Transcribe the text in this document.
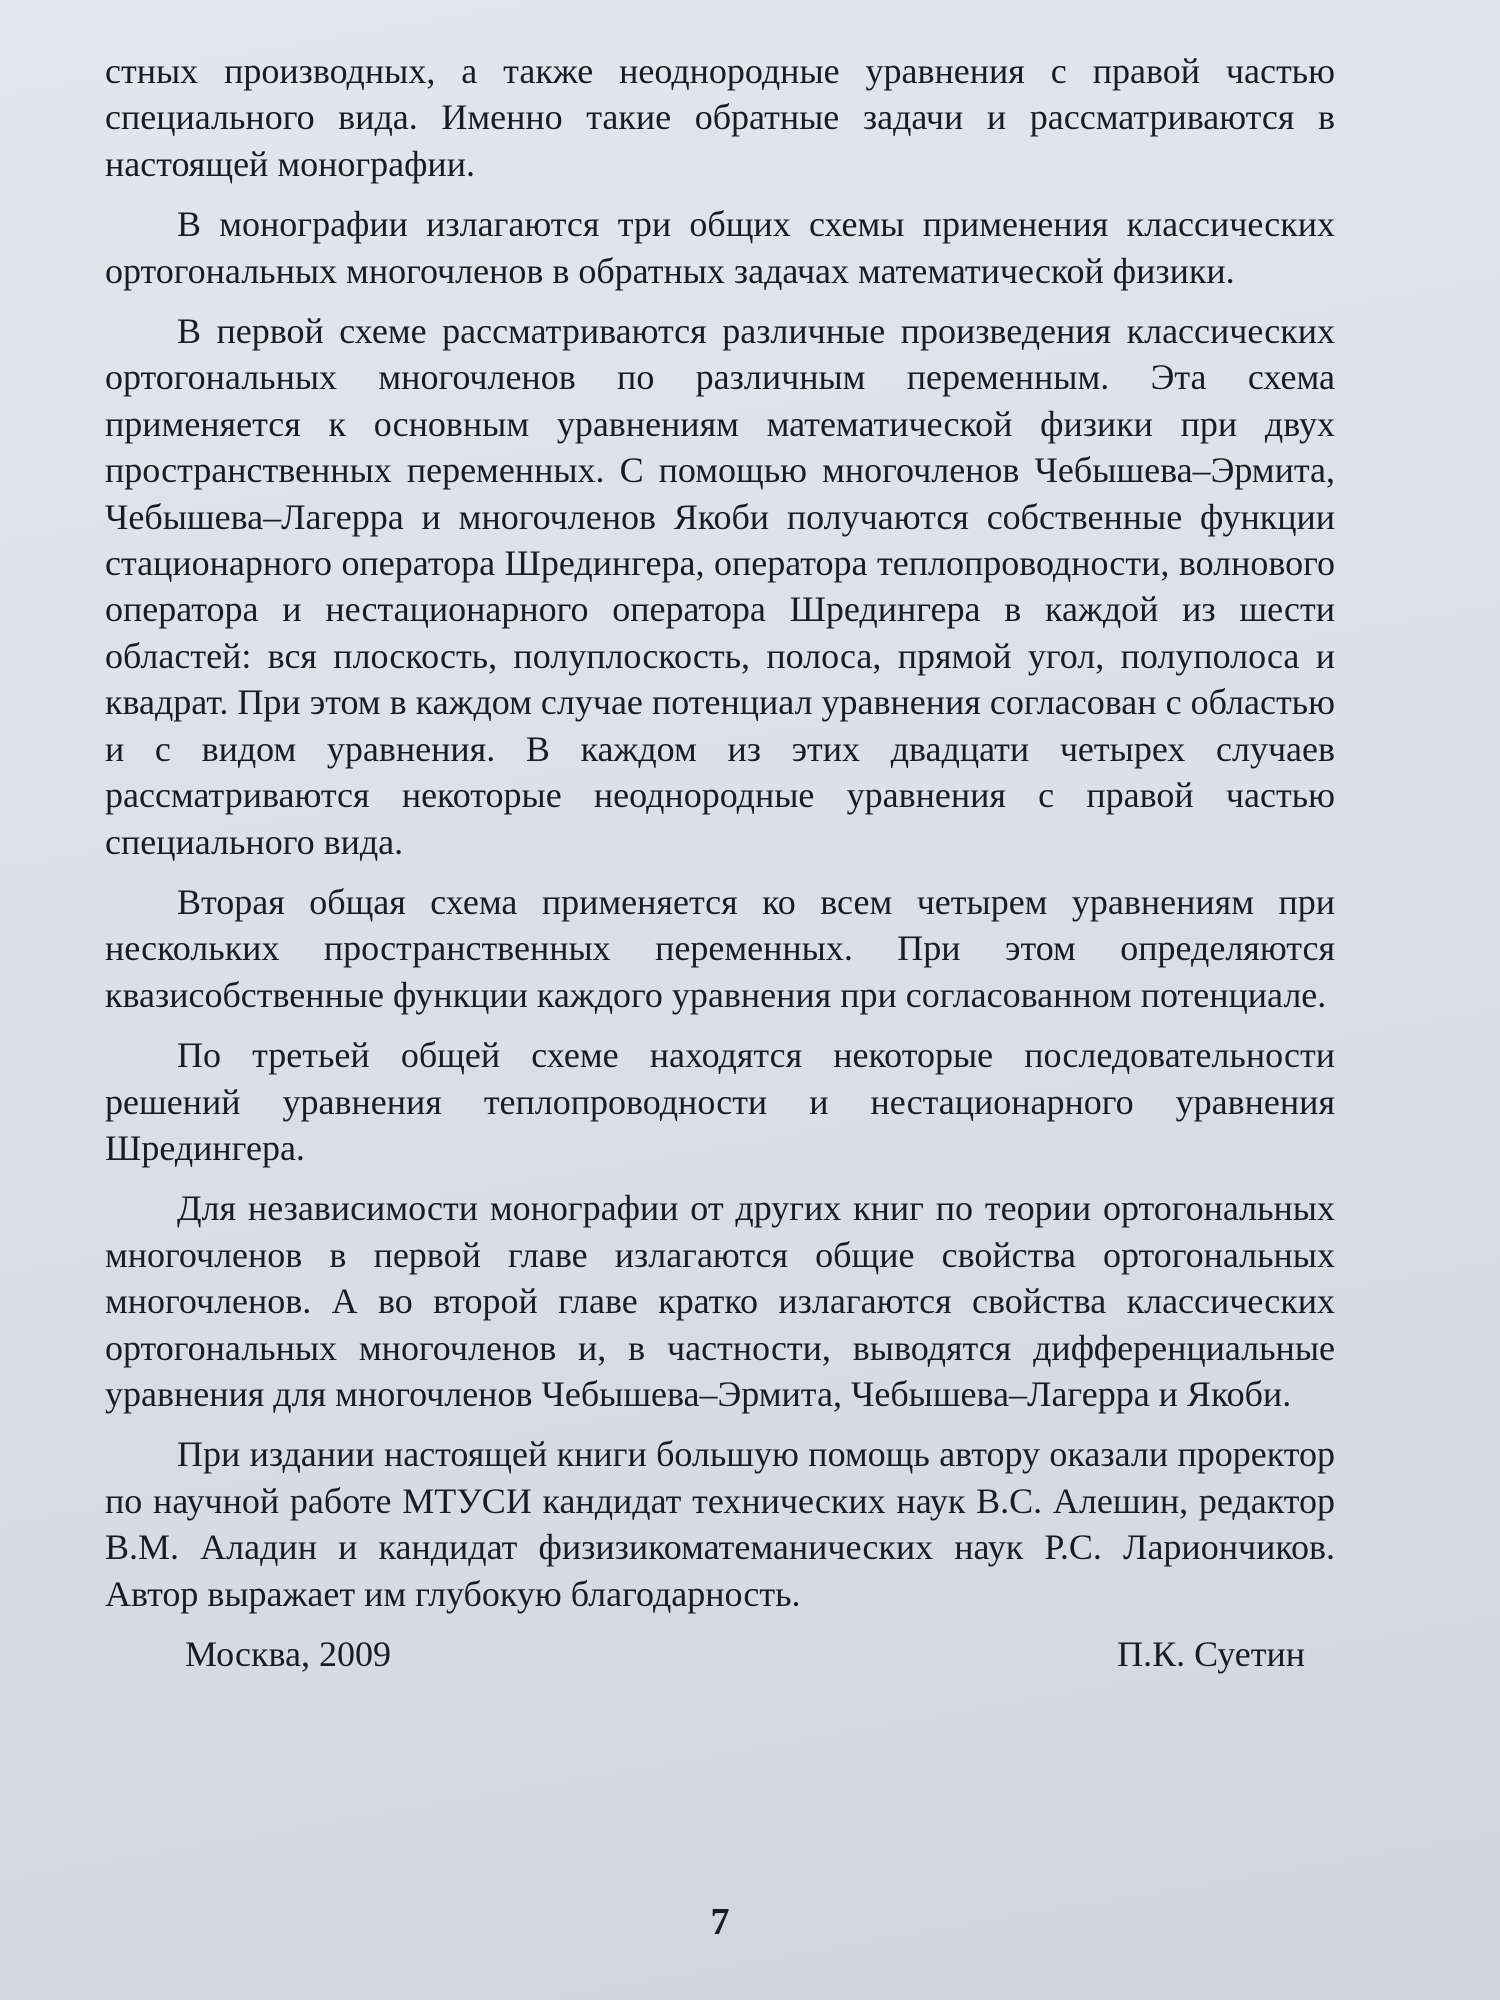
стных производных, а также неоднородные уравнения с правой частью специального вида. Именно такие обратные задачи и рассматриваются в настоящей монографии.

В монографии излагаются три общих схемы применения классических ортогональных многочленов в обратных задачах математической физики.

В первой схеме рассматриваются различные произведения классических ортогональных многочленов по различным переменным. Эта схема применяется к основным уравнениям математической физики при двух пространственных переменных. С помощью многочленов Чебышева–Эрмита, Чебышева–Лагерра и многочленов Якоби получаются собственные функции стационарного оператора Шредингера, оператора теплопроводности, волнового оператора и нестационарного оператора Шредингера в каждой из шести областей: вся плоскость, полуплоскость, полоса, прямой угол, полуполоса и квадрат. При этом в каждом случае потенциал уравнения согласован с областью и с видом уравнения. В каждом из этих двадцати четырех случаев рассматриваются некоторые неоднородные уравнения с правой частью специального вида.

Вторая общая схема применяется ко всем четырем уравнениям при нескольких пространственных переменных. При этом определяются квазисобственные функции каждого уравнения при согласованном потенциале.

По третьей общей схеме находятся некоторые последовательности решений уравнения теплопроводности и нестационарного уравнения Шредингера.

Для независимости монографии от других книг по теории ортогональных многочленов в первой главе излагаются общие свойства ортогональных многочленов. А во второй главе кратко излагаются свойства классических ортогональных многочленов и, в частности, выводятся дифференциальные уравнения для многочленов Чебышева–Эрмита, Чебышева–Лагерра и Якоби.

При издании настоящей книги большую помощь автору оказали проректор по научной работе МТУСИ кандидат технических наук В.С. Алешин, редактор В.М. Аладин и кандидат физизикоматеманических наук Р.С. Лариончиков. Автор выражает им глубокую благодарность.

Москва, 2009	П.К. Суетин
7
